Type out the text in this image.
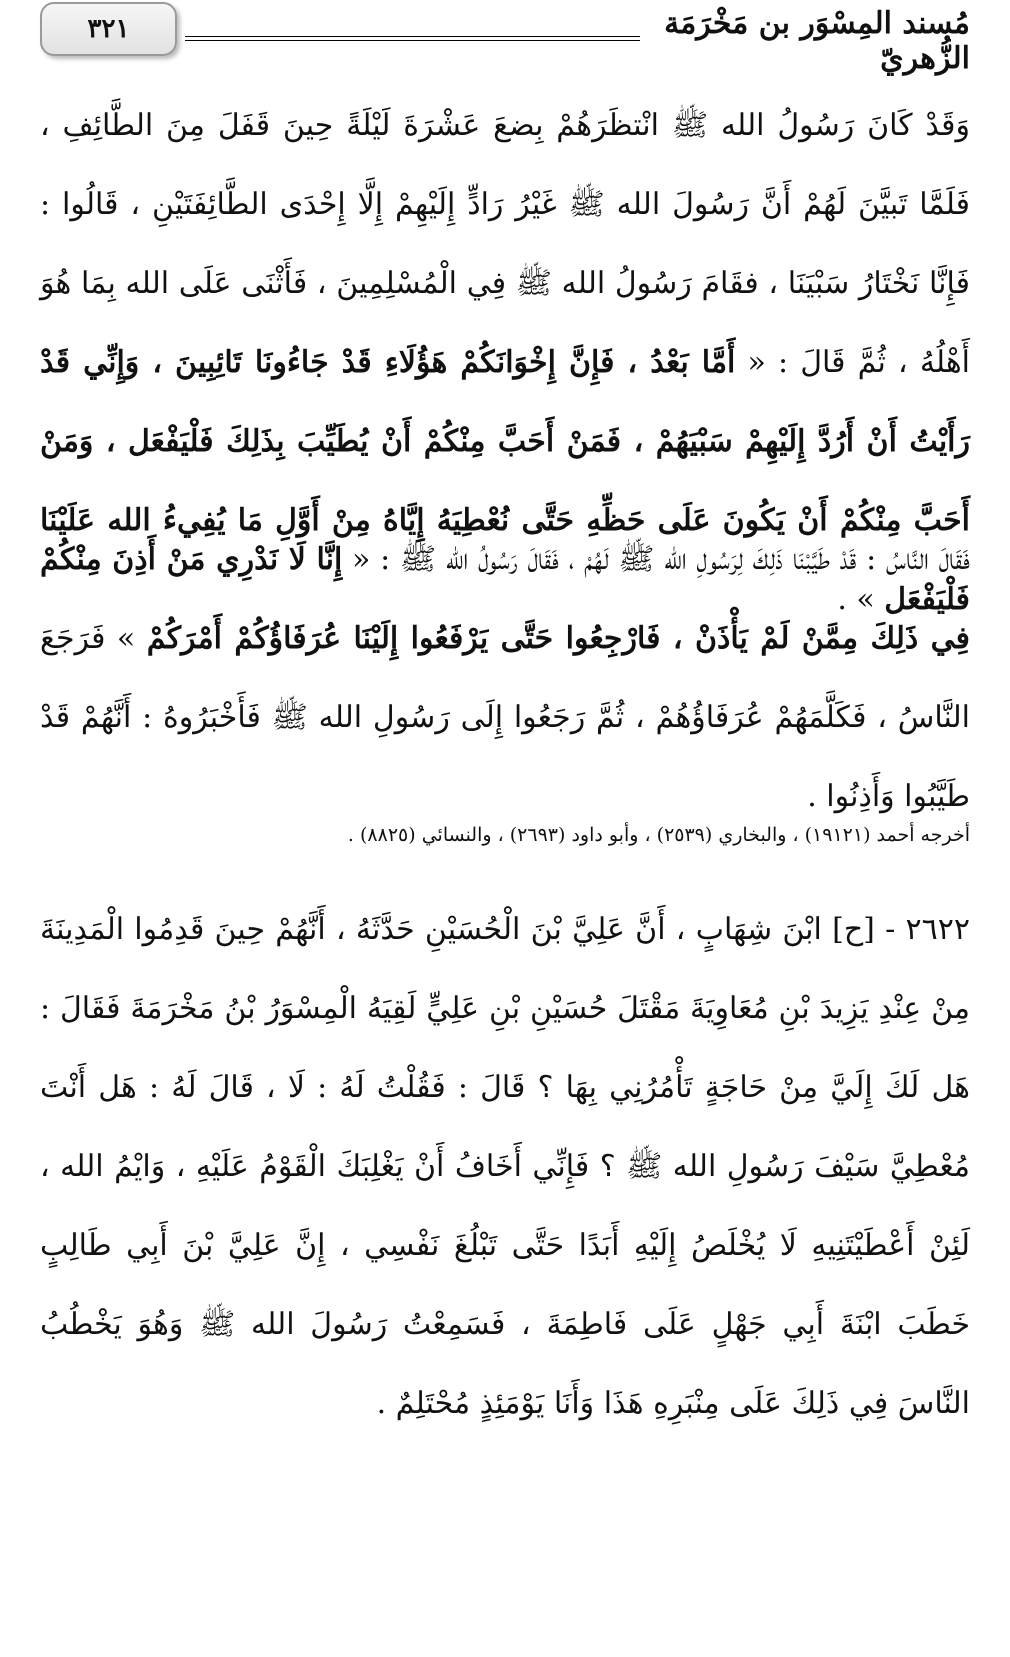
٣٢١	مُسند المِسْوَر بن مَخْرَمَة الزُّهريّ

وَقَدْ كَانَ رَسُولُ الله ﷺ انْتظَرَهُمْ بِضعَ عَشْرَةَ لَيْلَةً حِينَ قَفَلَ مِنَ الطَّائِفِ ، فَلَمَّا تَبيَّنَ لَهُمْ أَنَّ رَسُولَ الله ﷺ غَيْرُ رَادٍّ إِلَيْهِمْ إِلَّا إِحْدَى الطَّائِفَتَيْنِ ، قَالُوا : فَإِنَّا نَخْتَارُ سَبْيَنَا ، فقَامَ رَسُولُ الله ﷺ فِي الْمُسْلِمِينَ ، فَأَثْنَى عَلَى الله بِمَا هُوَ أَهْلُهُ ، ثُمَّ قَالَ : « أَمَّا بَعْدُ ، فَإِنَّ إِخْوَانَكُمْ هَؤُلَاءِ قَدْ جَاءُونَا تَائِبِينَ ، وَإِنِّي قَدْ رَأَيْتُ أَنْ أَرُدَّ إِلَيْهِمْ سَبْيَهُمْ ، فَمَنْ أَحَبَّ مِنْكُمْ أَنْ يُطَيِّبَ بِذَلِكَ فَلْيَفْعَل ، وَمَنْ أَحَبَّ مِنْكُمْ أَنْ يَكُونَ عَلَى حَظِّهِ حَتَّى نُعْطِيَهُ إِيَّاهُ مِنْ أَوَّلِ مَا يُفِيءُ الله عَلَيْنَا فَلْيَفْعَل » .

فَقَالَ النَّاسُ : قَدْ طَيَّبْنَا ذَلِكَ لِرَسُولِ الله ﷺ لَهُمْ ، فَقَالَ رَسُولُ الله ﷺ : « إِنَّا لَا نَدْرِي مَنْ أَذِنَ مِنْكُمْ فِي ذَلِكَ مِمَّنْ لَمْ يَأْذَنْ ، فَارْجِعُوا حَتَّى يَرْفَعُوا إِلَيْنَا عُرَفَاؤُكُمْ أَمْرَكُمْ » فَرَجَعَ النَّاسُ ، فَكَلَّمَهُمْ عُرَفَاؤُهُمْ ، ثُمَّ رَجَعُوا إِلَى رَسُولِ الله ﷺ فَأَخْبَرُوهُ : أَنَّهُمْ قَدْ طَيَّبُوا وَأَذِنُوا .

أخرجه أحمد (١٩١٢١) ، والبخاري (٢٥٣٩) ، وأبو داود (٢٦٩٣) ، والنسائي (٨٨٢٥) .

٢٦٢٢ - [ح] ابْنَ شِهَابٍ ، أَنَّ عَلِيَّ بْنَ الْحُسَيْنِ حَدَّثَهُ ، أَنَّهُمْ حِينَ قَدِمُوا الْمَدِينَةَ مِنْ عِنْدِ يَزِيدَ بْنِ مُعَاوِيَةَ مَقْتَلَ حُسَيْنِ بْنِ عَلِيٍّ لَقِيَهُ الْمِسْوَرُ بْنُ مَخْرَمَةَ فَقَالَ : هَل لَكَ إِلَيَّ مِنْ حَاجَةٍ تَأْمُرُنِي بِهَا ؟ قَالَ : فَقُلْتُ لَهُ : لَا ، قَالَ لَهُ : هَل أَنْتَ مُعْطِيَّ سَيْفَ رَسُولِ الله ﷺ ؟ فَإِنِّي أَخَافُ أَنْ يَغْلِبَكَ الْقَوْمُ عَلَيْهِ ، وَايْمُ الله ، لَئِنْ أَعْطَيْتَنِيهِ لَا يُخْلَصُ إِلَيْهِ أَبَدًا حَتَّى تَبْلُغَ نَفْسِي ، إِنَّ عَلِيَّ بْنَ أَبِي طَالِبٍ خَطَبَ ابْنَةَ أَبِي جَهْلٍ عَلَى فَاطِمَةَ ، فَسَمِعْتُ رَسُولَ الله ﷺ وَهُوَ يَخْطُبُ النَّاسَ فِي ذَلِكَ عَلَى مِنْبَرِهِ هَذَا وَأَنَا يَوْمَئِذٍ مُحْتَلِمٌ .
